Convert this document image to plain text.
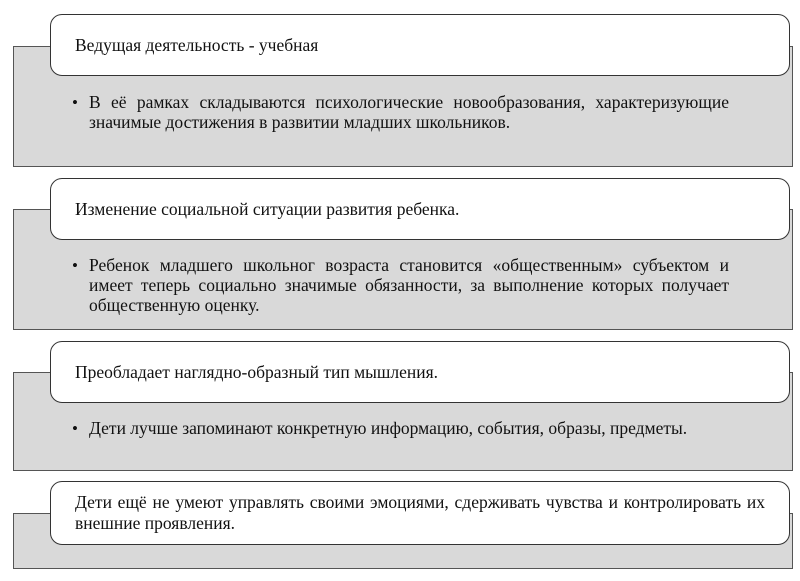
Ведущая деятельность - учебная
• В её рамках складываются психологические новообразования, характеризующие значимые достижения в развитии младших школьников.
Изменение социальной ситуации развития ребенка.
• Ребенок младшего школьног возраста становится «общественным» субъектом и имеет теперь социально значимые обязанности, за выполнение которых получает общественную оценку.
Преобладает наглядно-образный тип мышления.
• Дети лучше запоминают конкретную информацию, события, образы, предметы.
Дети ещё не умеют управлять своими эмоциями, сдерживать чувства и контролировать их внешние проявления.
